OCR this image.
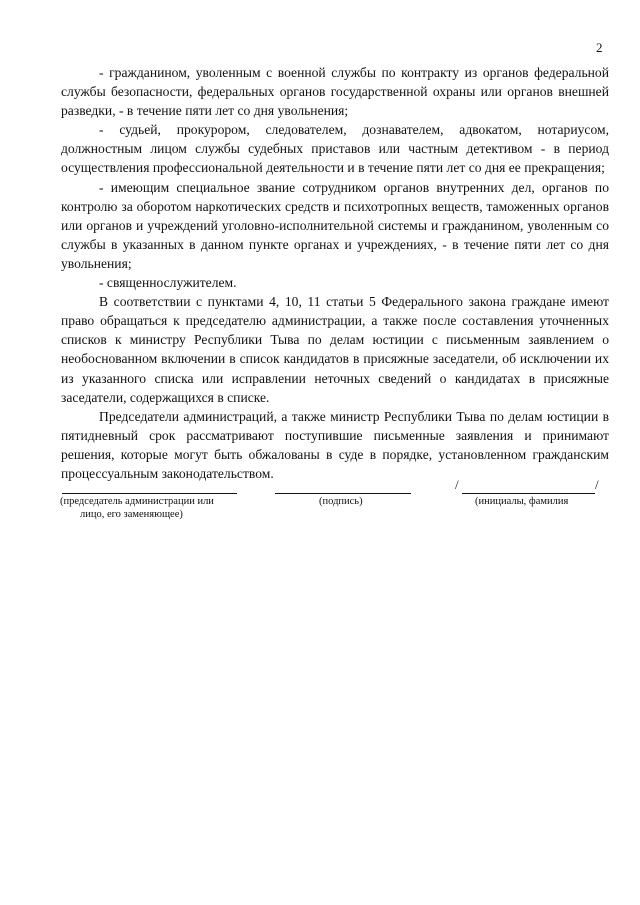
2

- гражданином, уволенным с военной службы по контракту из органов федеральной службы безопасности, федеральных органов государственной охраны или органов внешней разведки, - в течение пяти лет со дня увольнения;

- судьей, прокурором, следователем, дознавателем, адвокатом, нотариусом, должностным лицом службы судебных приставов или частным детективом - в период осуществления профессиональной деятельности и в течение пяти лет со дня ее прекращения;

- имеющим специальное звание сотрудником органов внутренних дел, органов по контролю за оборотом наркотических средств и психотропных веществ, таможенных органов или органов и учреждений уголовно-исполнительной системы и гражданином, уволенным со службы в указанных в данном пункте органах и учреждениях, - в течение пяти лет со дня увольнения;

- священнослужителем.

В соответствии с пунктами 4, 10, 11 статьи 5 Федерального закона граждане имеют право обращаться к председателю администрации, а также после составления уточненных списков к министру Республики Тыва по делам юстиции с письменным заявлением о необоснованном включении в список кандидатов в присяжные заседатели, об исключении их из указанного списка или исправлении неточных сведений о кандидатах в присяжные заседатели, содержащихся в списке.

Председатели администраций, а также министр Республики Тыва по делам юстиции в пятидневный срок рассматривают поступившие письменные заявления и принимают решения, которые могут быть обжалованы в суде в порядке, установленном гражданским процессуальным законодательством.

/	/
(председатель администрации или
лицо, его заменяющее)
(подпись)	(инициалы, фамилия
